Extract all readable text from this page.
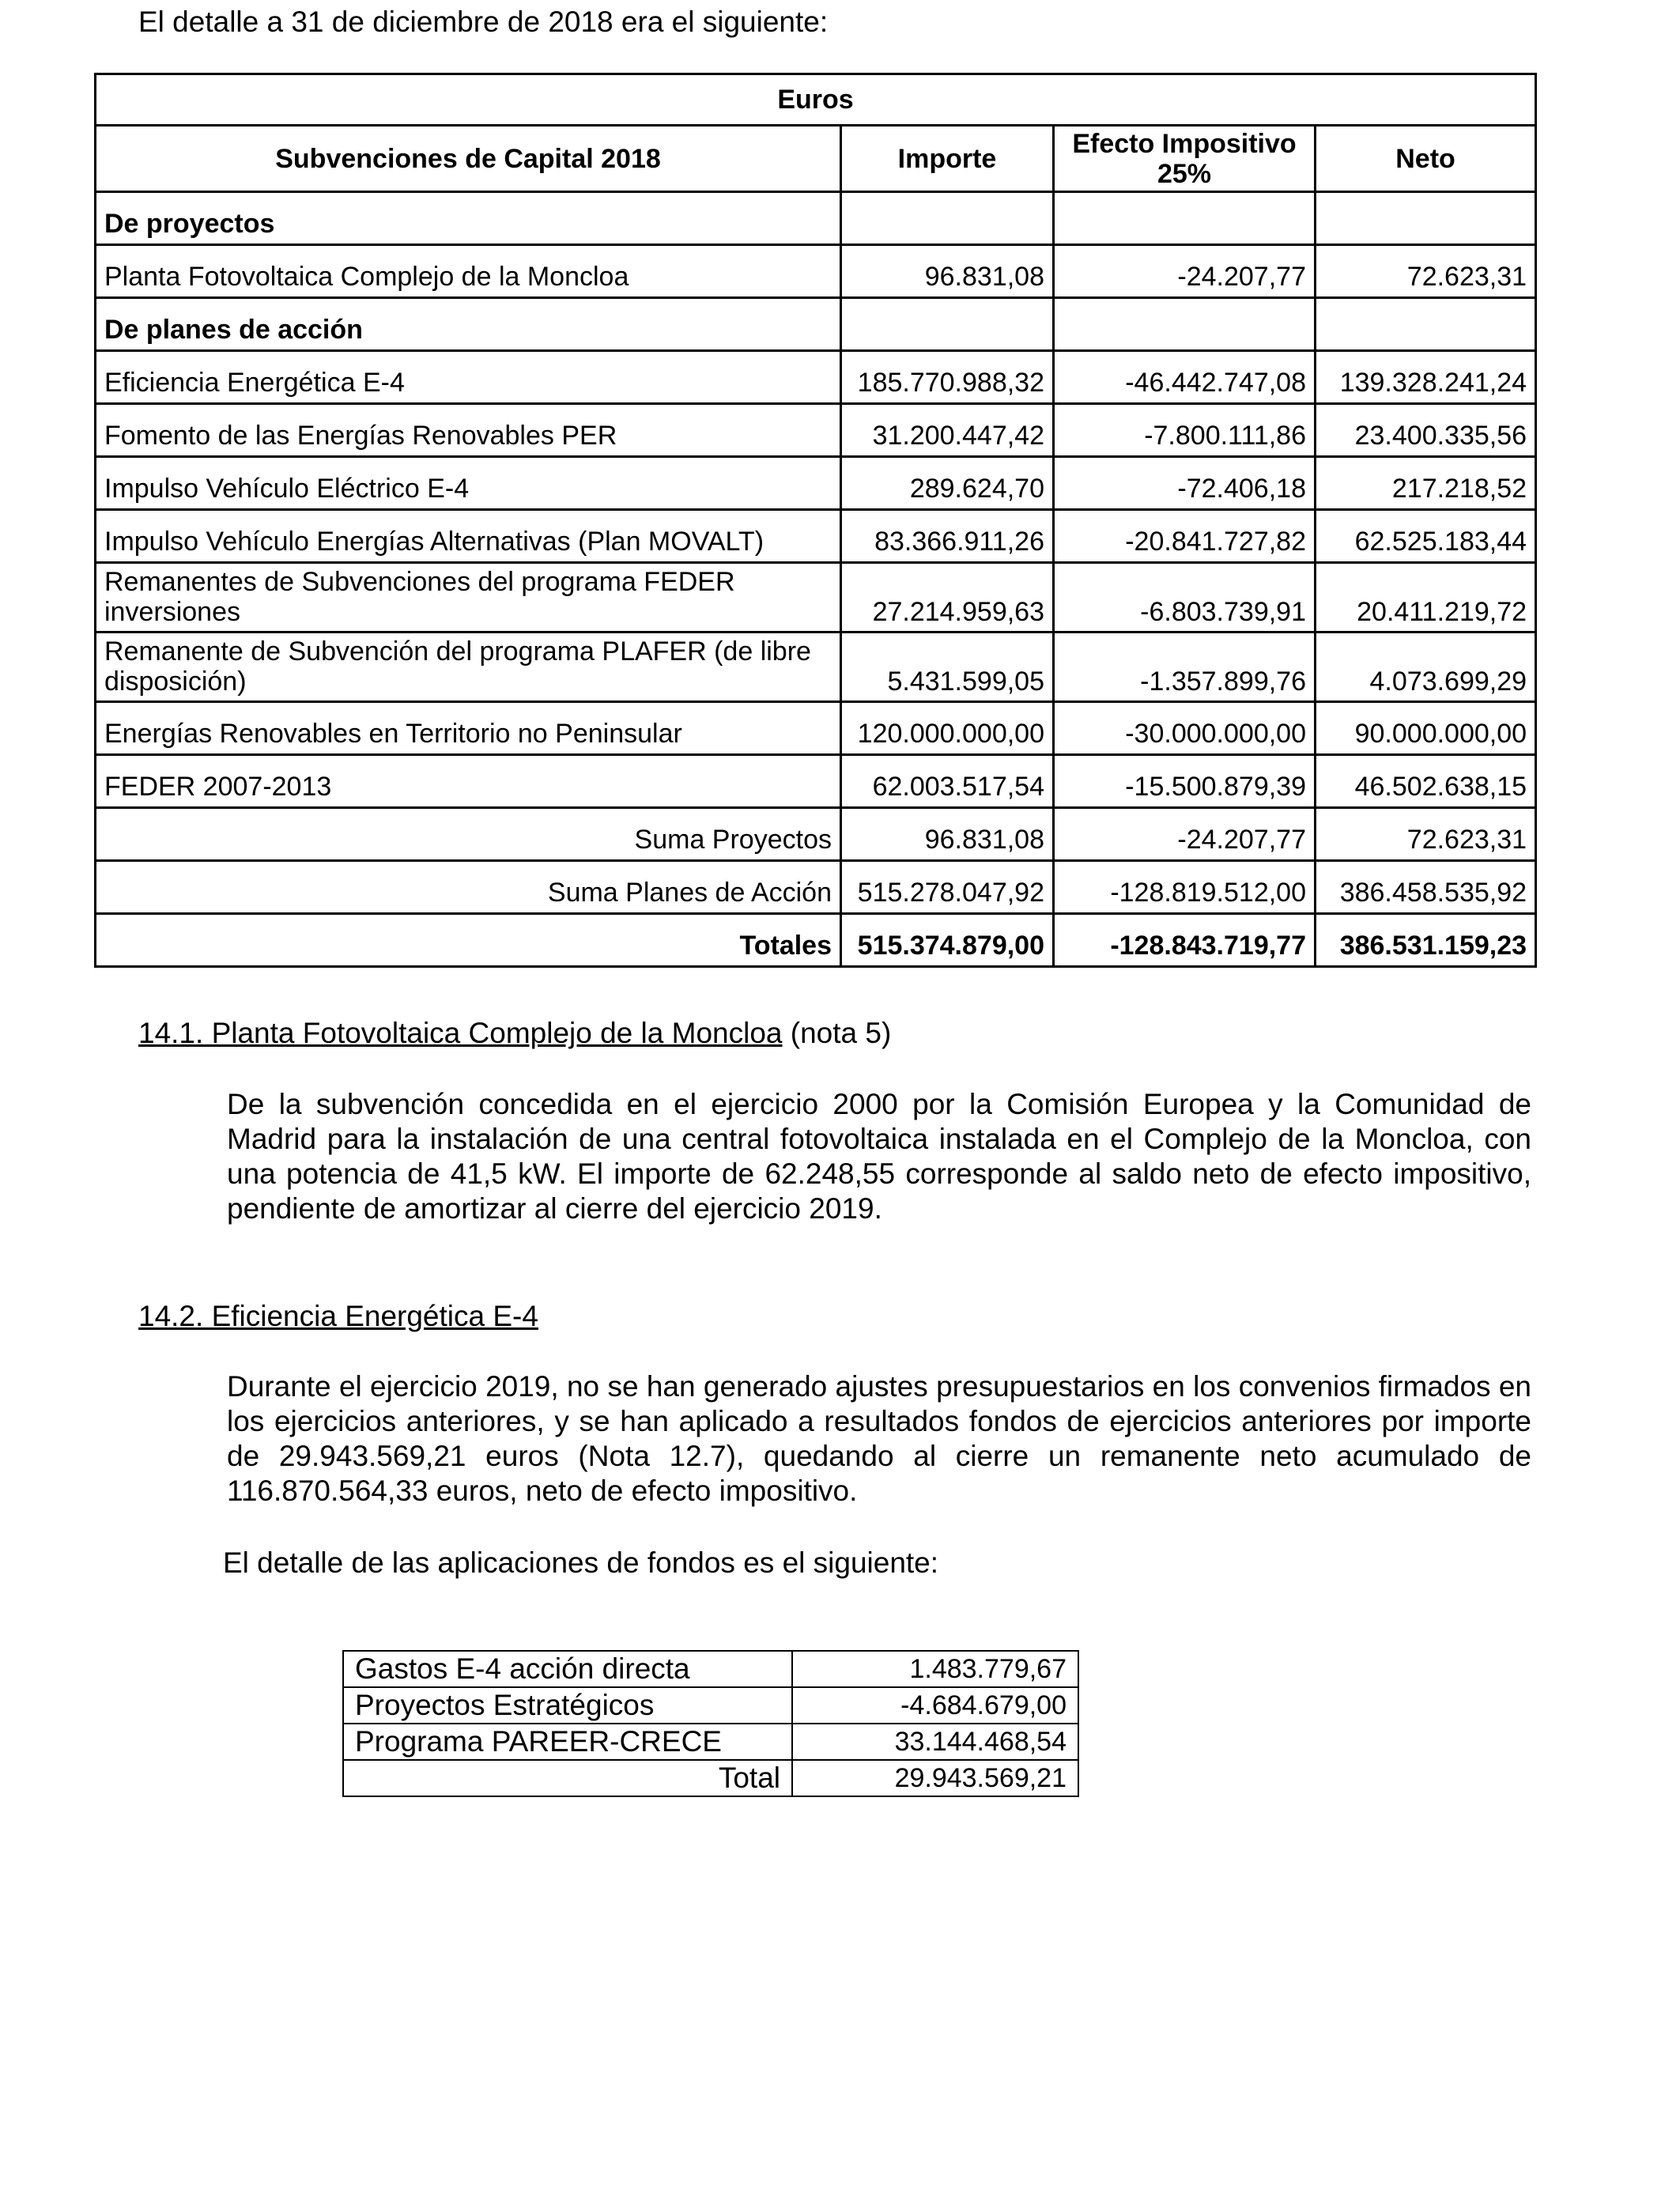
El detalle a 31 de diciembre de 2018 era el siguiente:
Euros			
Subvenciones de Capital 2018	Importe	Efecto Impositivo 25%	Neto
De proyectos			
Planta Fotovoltaica Complejo de la Moncloa	96.831,08	-24.207,77	72.623,31
De planes de acción			
Eficiencia Energética E-4	185.770.988,32	-46.442.747,08	139.328.241,24
Fomento de las Energías Renovables PER	31.200.447,42	-7.800.111,86	23.400.335,56
Impulso Vehículo Eléctrico E-4	289.624,70	-72.406,18	217.218,52
Impulso Vehículo Energías Alternativas (Plan MOVALT)	83.366.911,26	-20.841.727,82	62.525.183,44
Remanentes de Subvenciones del programa FEDER inversiones	27.214.959,63	-6.803.739,91	20.411.219,72
Remanente de Subvención del programa PLAFER (de libre disposición)	5.431.599,05	-1.357.899,76	4.073.699,29
Energías Renovables en Territorio no Peninsular	120.000.000,00	-30.000.000,00	90.000.000,00
FEDER 2007-2013	62.003.517,54	-15.500.879,39	46.502.638,15
Suma Proyectos	96.831,08	-24.207,77	72.623,31
Suma Planes de Acción	515.278.047,92	-128.819.512,00	386.458.535,92
Totales	515.374.879,00	-128.843.719,77	386.531.159,23
14.1. Planta Fotovoltaica Complejo de la Moncloa (nota 5)
De la subvención concedida en el ejercicio 2000 por la Comisión Europea y la Comunidad de Madrid para la instalación de una central fotovoltaica instalada en el Complejo de la Moncloa, con una potencia de 41,5 kW. El importe de 62.248,55 corresponde al saldo neto de efecto impositivo, pendiente de amortizar al cierre del ejercicio 2019.
14.2. Eficiencia Energética E-4
Durante el ejercicio 2019, no se han generado ajustes presupuestarios en los convenios firmados en los ejercicios anteriores, y se han aplicado a resultados fondos de ejercicios anteriores por importe de 29.943.569,21 euros (Nota 12.7), quedando al cierre un remanente neto acumulado de 116.870.564,33 euros, neto de efecto impositivo.
El detalle de las aplicaciones de fondos es el siguiente:
Gastos E-4 acción directa	1.483.779,67
Proyectos Estratégicos	-4.684.679,00
Programa PAREER-CRECE	33.144.468,54
Total	29.943.569,21
